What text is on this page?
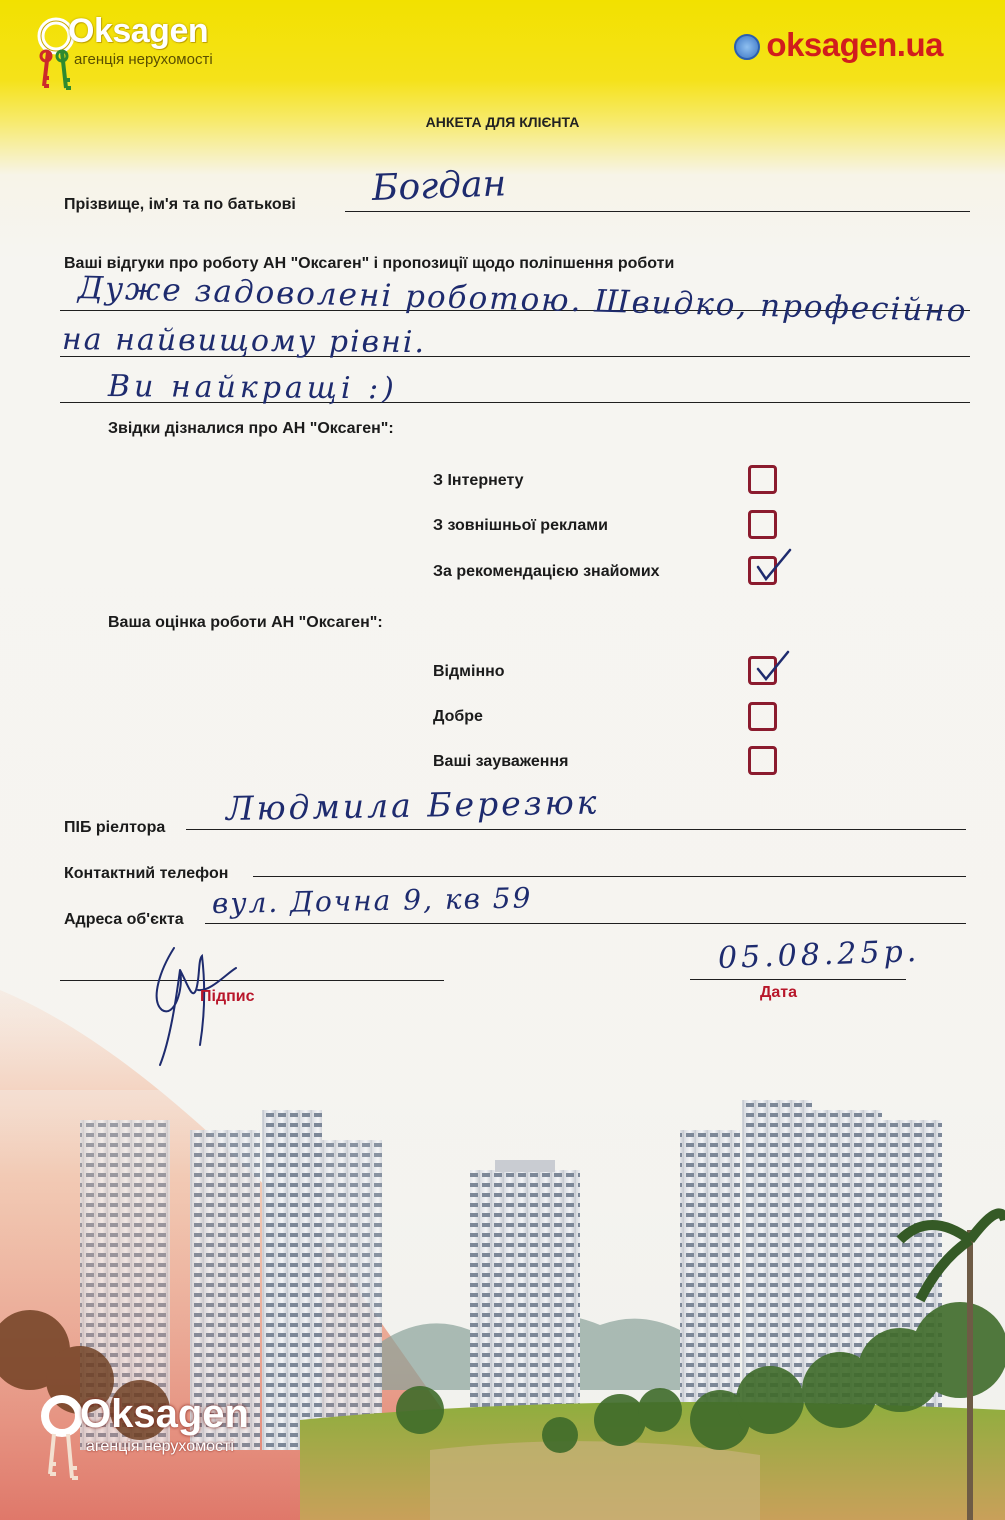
Oksagen
агенція нерухомості	oksagen.ua
АНКЕТА ДЛЯ КЛІЄНТА
Прізвище, ім'я та по батькові Богдан
Ваші відгуки про роботу АН "Оксаген" і пропозиції щодо поліпшення роботи
Дуже задоволені роботою. Швидко, професійно
на найвищому рівні.
Ви найкращі :)
Звідки дізналися про АН "Оксаген":
З Інтернету
З зовнішньої реклами
За рекомендацією знайомих
Ваша оцінка роботи АН "Оксаген":
Відмінно
Добре
Ваші зауваження
ПІБ ріелтора Людмила Березюк
Контактний телефон
Адреса об'єкта вул. Дочна 9, кв 59
Підпис
05.08.25р.
Дата
Oksagen
агенція нерухомості
